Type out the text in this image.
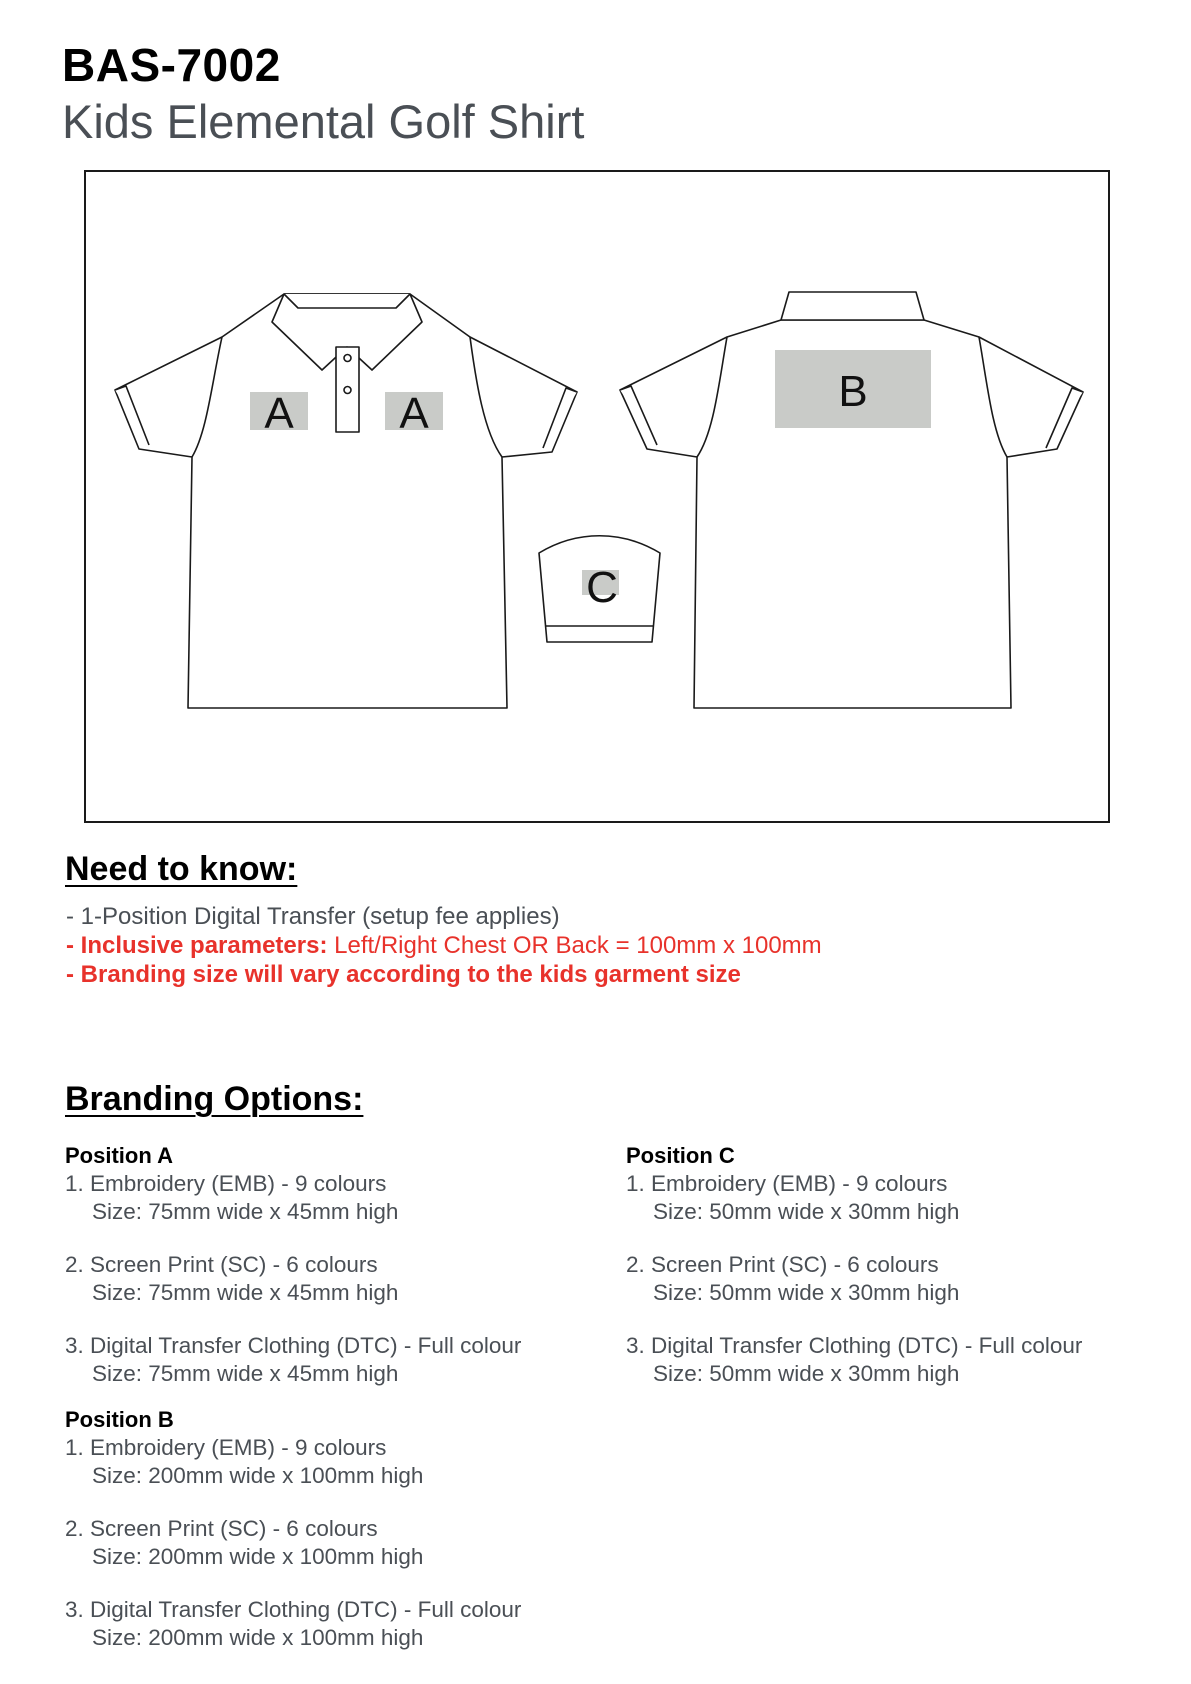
BAS-7002
Kids Elemental Golf Shirt
A A
C
B
Need to know:
- 1-Position Digital Transfer (setup fee applies)
- Inclusive parameters: Left/Right Chest OR Back = 100mm x 100mm
- Branding size will vary according to the kids garment size
Branding Options:
Position A
1. Embroidery (EMB) - 9 colours
Size: 75mm wide x 45mm high
2. Screen Print (SC) - 6 colours
Size: 75mm wide x 45mm high
3. Digital Transfer Clothing (DTC) - Full colour
Size: 75mm wide x 45mm high
Position B
1. Embroidery (EMB) - 9 colours
Size: 200mm wide x 100mm high
2. Screen Print (SC) - 6 colours
Size: 200mm wide x 100mm high
3. Digital Transfer Clothing (DTC) - Full colour
Size: 200mm wide x 100mm high
Position C
1. Embroidery (EMB) - 9 colours
Size: 50mm wide x 30mm high
2. Screen Print (SC) - 6 colours
Size: 50mm wide x 30mm high
3. Digital Transfer Clothing (DTC) - Full colour
Size: 50mm wide x 30mm high
